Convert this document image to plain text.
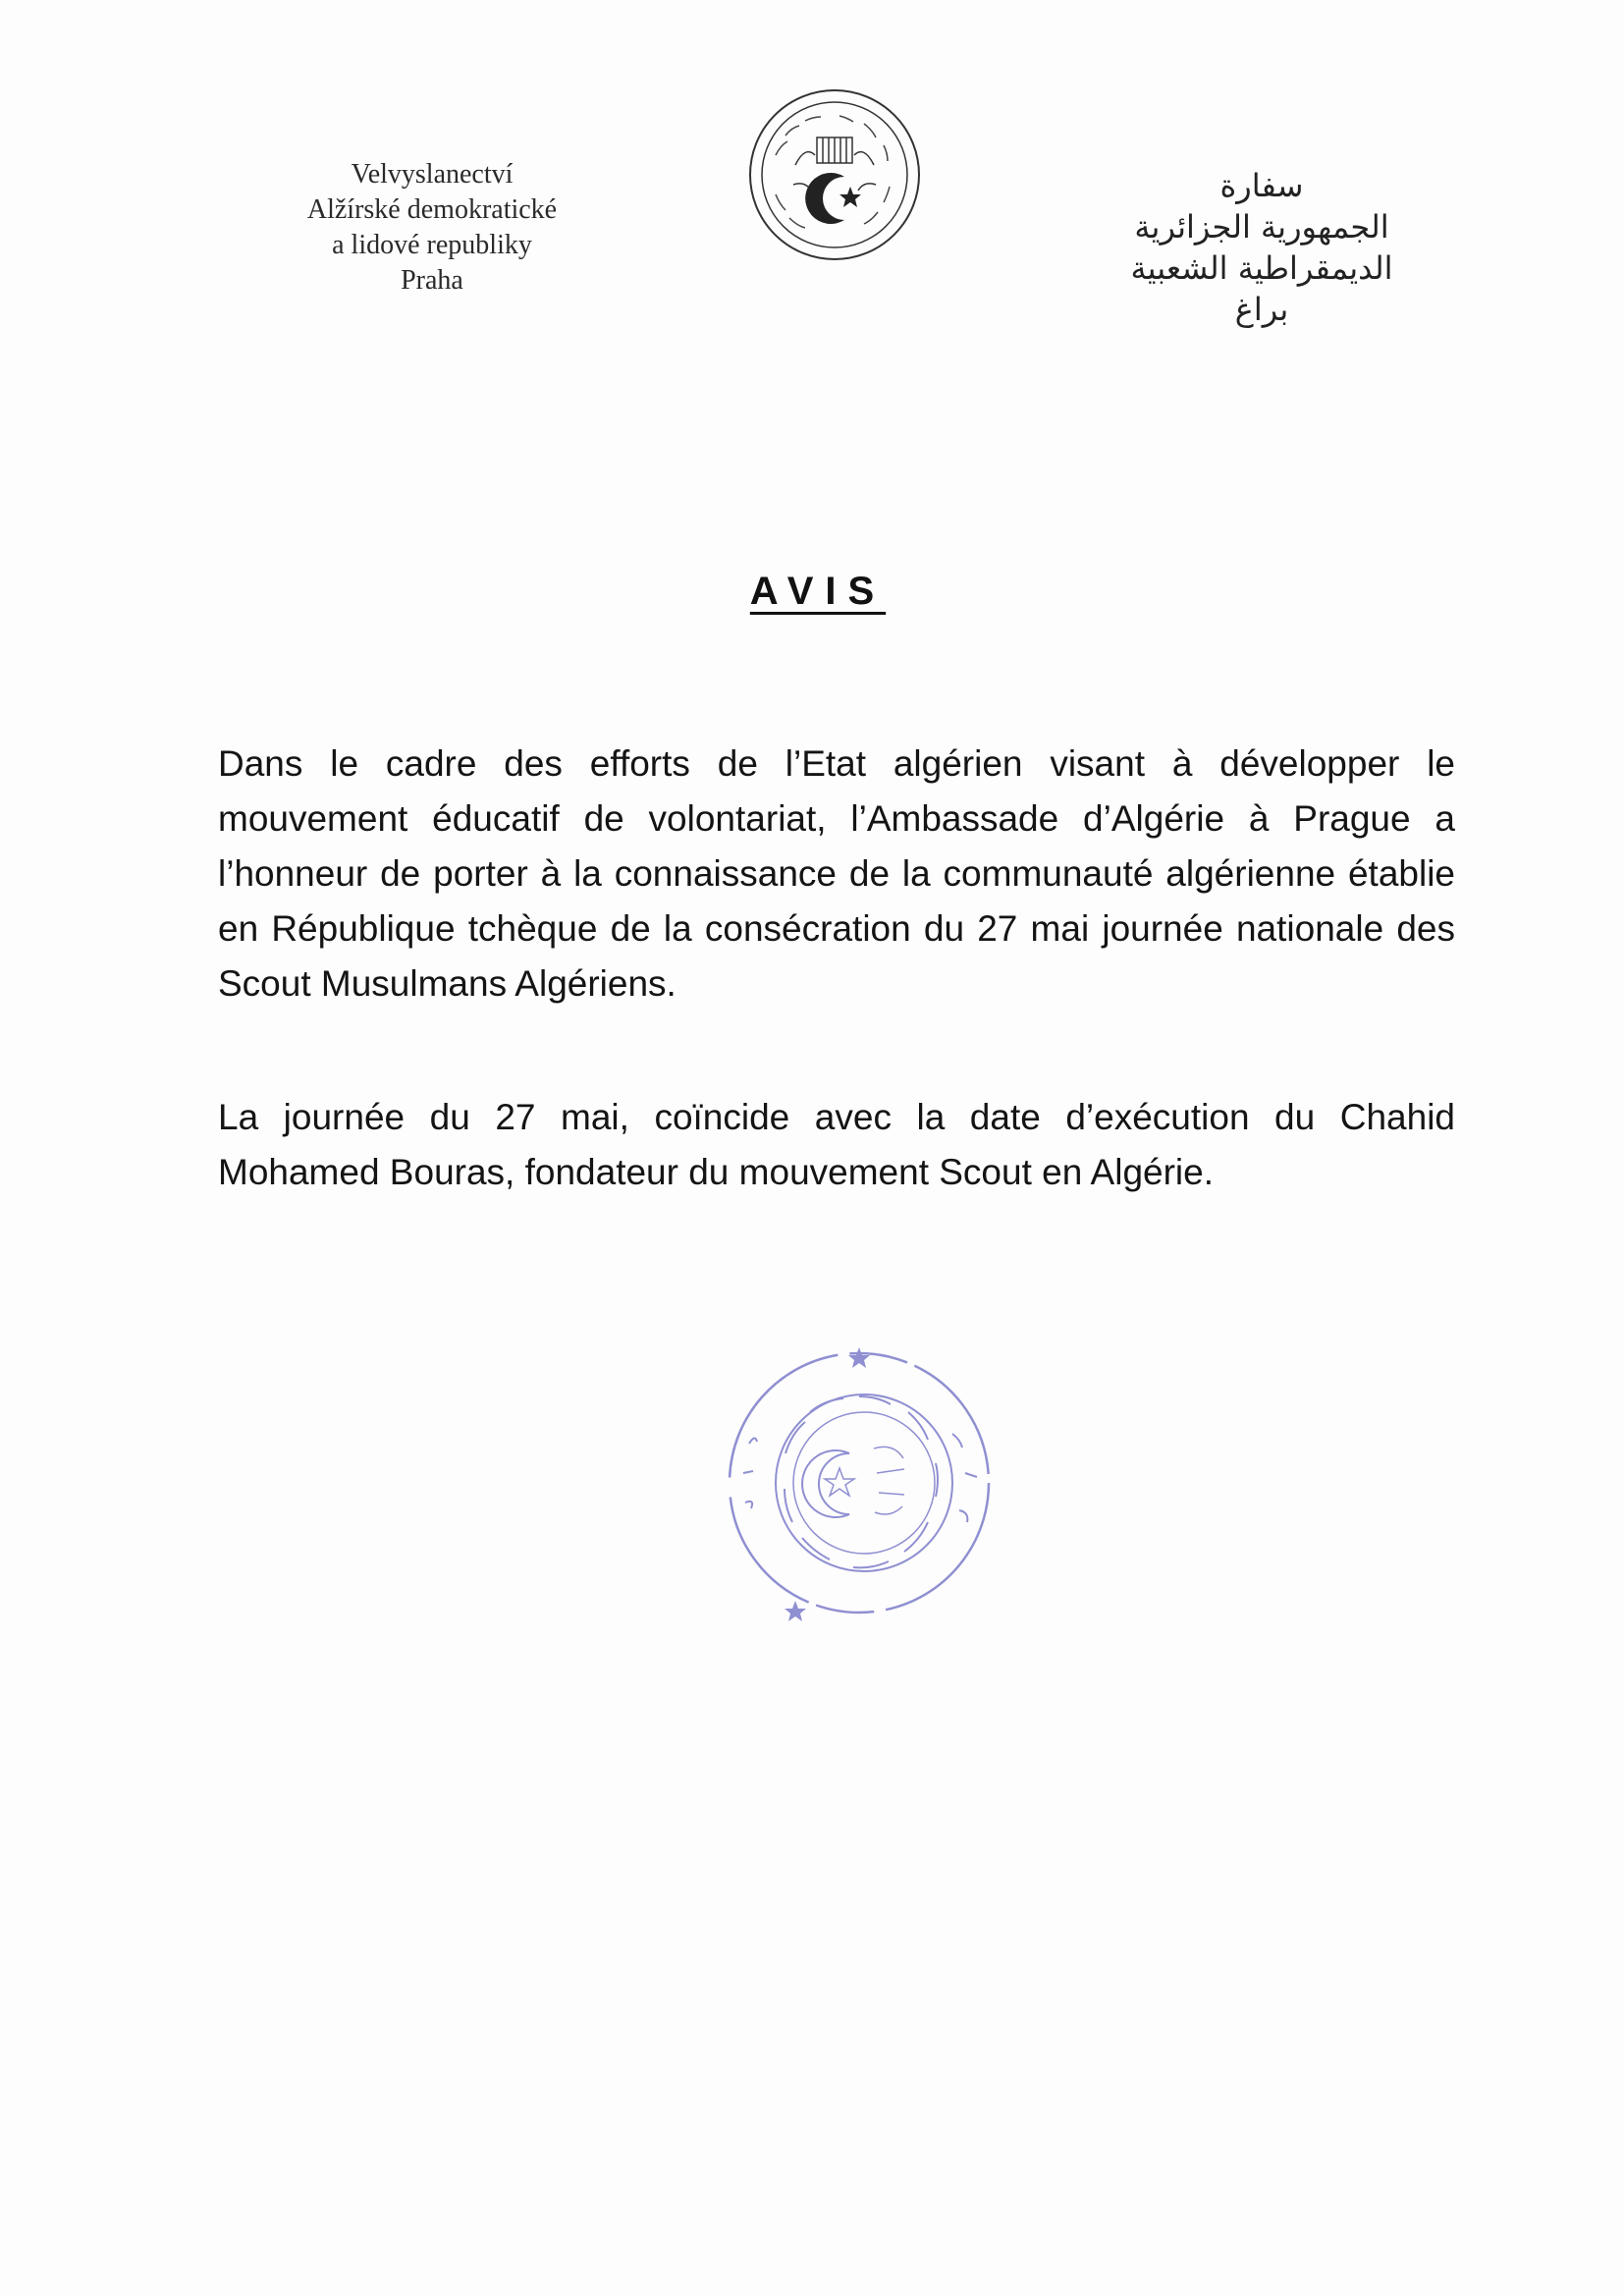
Velvyslanectví
Alžírské demokratické
a lidové republiky
Praha
سفارة
الجمهورية الجزائرية
الديمقراطية الشعبية
براغ
AVIS

Dans le cadre des efforts de l’Etat algérien visant à développer le mouvement éducatif de volontariat, l’Ambassade d’Algérie à Prague a l’honneur de porter à la connaissance de la communauté algérienne établie en République tchèque de la consécration du 27 mai journée nationale des Scout Musulmans Algériens.

La journée du 27 mai, coïncide avec la date d’exécution du Chahid Mohamed Bouras, fondateur du mouvement Scout en Algérie.
